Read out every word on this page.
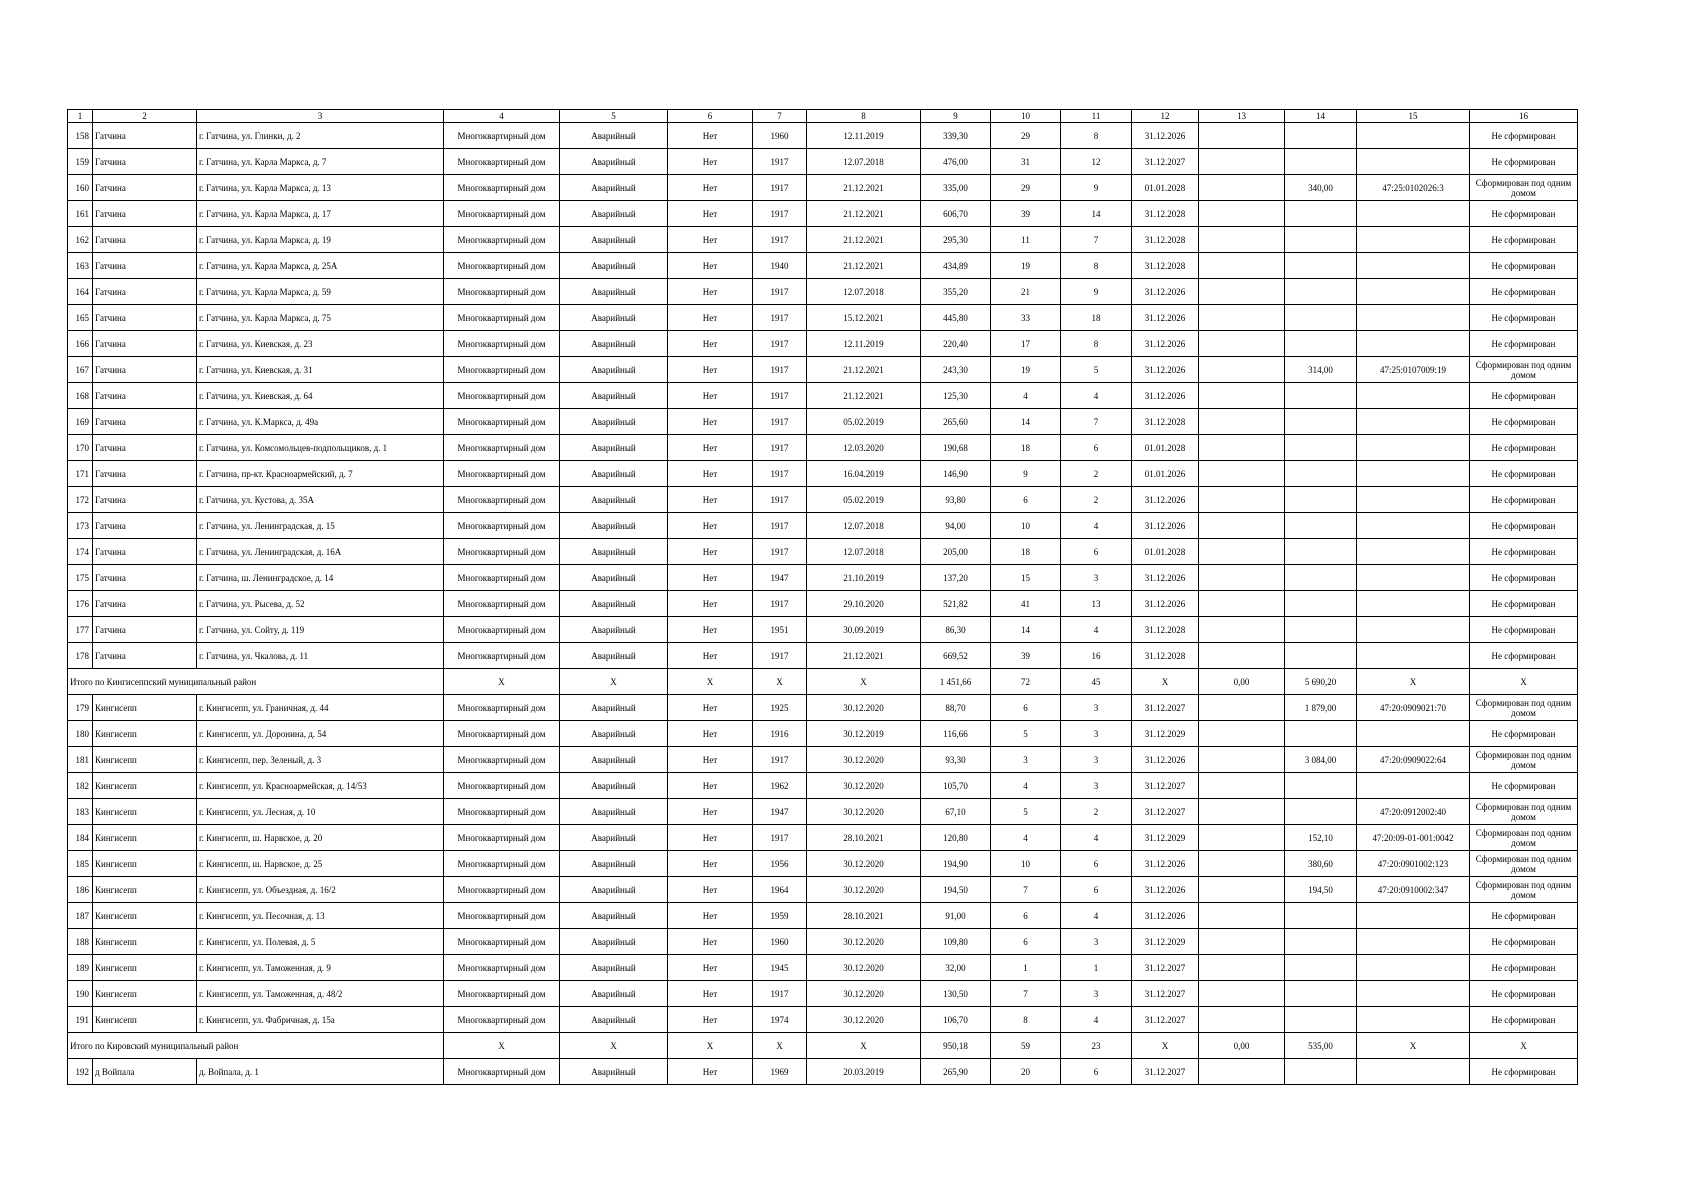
1	2	3	4	5	6	7	8	9	10	11	12	13	14	15	16
158	Гатчина	г. Гатчина, ул. Глинки, д. 2	Многоквартирный дом	Аварийный	Нет	1960	12.11.2019	339,30	29	8	31.12.2026				Не сформирован
159	Гатчина	г. Гатчина, ул. Карла Маркса, д. 7	Многоквартирный дом	Аварийный	Нет	1917	12.07.2018	476,00	31	12	31.12.2027				Не сформирован
160	Гатчина	г. Гатчина, ул. Карла Маркса, д. 13	Многоквартирный дом	Аварийный	Нет	1917	21.12.2021	335,00	29	9	01.01.2028		340,00	47:25:0102026:3	Сформирован под одним домом
161	Гатчина	г. Гатчина, ул. Карла Маркса, д. 17	Многоквартирный дом	Аварийный	Нет	1917	21.12.2021	606,70	39	14	31.12.2028				Не сформирован
162	Гатчина	г. Гатчина, ул. Карла Маркса, д. 19	Многоквартирный дом	Аварийный	Нет	1917	21.12.2021	295,30	11	7	31.12.2028				Не сформирован
163	Гатчина	г. Гатчина, ул. Карла Маркса, д. 25А	Многоквартирный дом	Аварийный	Нет	1940	21.12.2021	434,89	19	8	31.12.2028				Не сформирован
164	Гатчина	г. Гатчина, ул. Карла Маркса, д. 59	Многоквартирный дом	Аварийный	Нет	1917	12.07.2018	355,20	21	9	31.12.2026				Не сформирован
165	Гатчина	г. Гатчина, ул. Карла Маркса, д. 75	Многоквартирный дом	Аварийный	Нет	1917	15.12.2021	445,80	33	18	31.12.2026				Не сформирован
166	Гатчина	г. Гатчина, ул. Киевская, д. 23	Многоквартирный дом	Аварийный	Нет	1917	12.11.2019	220,40	17	8	31.12.2026				Не сформирован
167	Гатчина	г. Гатчина, ул. Киевская, д. 31	Многоквартирный дом	Аварийный	Нет	1917	21.12.2021	243,30	19	5	31.12.2026		314,00	47:25:0107009:19	Сформирован под одним домом
168	Гатчина	г. Гатчина, ул. Киевская, д. 64	Многоквартирный дом	Аварийный	Нет	1917	21.12.2021	125,30	4	4	31.12.2026				Не сформирован
169	Гатчина	г. Гатчина, ул. К.Маркса, д. 49а	Многоквартирный дом	Аварийный	Нет	1917	05.02.2019	265,60	14	7	31.12.2028				Не сформирован
170	Гатчина	г. Гатчина, ул. Комсомольцев-подпольщиков, д. 1	Многоквартирный дом	Аварийный	Нет	1917	12.03.2020	190,68	18	6	01.01.2028				Не сформирован
171	Гатчина	г. Гатчина, пр-кт. Красноармейский, д. 7	Многоквартирный дом	Аварийный	Нет	1917	16.04.2019	146,90	9	2	01.01.2026				Не сформирован
172	Гатчина	г. Гатчина, ул. Кустова, д. 35А	Многоквартирный дом	Аварийный	Нет	1917	05.02.2019	93,80	6	2	31.12.2026				Не сформирован
173	Гатчина	г. Гатчина, ул. Ленинградская, д. 15	Многоквартирный дом	Аварийный	Нет	1917	12.07.2018	94,00	10	4	31.12.2026				Не сформирован
174	Гатчина	г. Гатчина, ул. Ленинградская, д. 16А	Многоквартирный дом	Аварийный	Нет	1917	12.07.2018	205,00	18	6	01.01.2028				Не сформирован
175	Гатчина	г. Гатчина, ш. Ленинградское, д. 14	Многоквартирный дом	Аварийный	Нет	1947	21.10.2019	137,20	15	3	31.12.2026				Не сформирован
176	Гатчина	г. Гатчина, ул. Рысева, д. 52	Многоквартирный дом	Аварийный	Нет	1917	29.10.2020	521,82	41	13	31.12.2026				Не сформирован
177	Гатчина	г. Гатчина, ул. Сойту, д. 119	Многоквартирный дом	Аварийный	Нет	1951	30.09.2019	86,30	14	4	31.12.2028				Не сформирован
178	Гатчина	г. Гатчина, ул. Чкалова, д. 11	Многоквартирный дом	Аварийный	Нет	1917	21.12.2021	669,52	39	16	31.12.2028				Не сформирован
Итого по Кингисеппский муниципальный район			Х	Х	Х	Х	Х	1 451,66	72	45	Х	0,00	5 690,20	Х	Х
179	Кингисепп	г. Кингисепп, ул. Граничная, д. 44	Многоквартирный дом	Аварийный	Нет	1925	30.12.2020	88,70	6	3	31.12.2027		1 879,00	47:20:0909021:70	Сформирован под одним домом
180	Кингисепп	г. Кингисепп, ул. Доронина, д. 54	Многоквартирный дом	Аварийный	Нет	1916	30.12.2019	116,66	5	3	31.12.2029				Не сформирован
181	Кингисепп	г. Кингисепп, пер. Зеленый, д. 3	Многоквартирный дом	Аварийный	Нет	1917	30.12.2020	93,30	3	3	31.12.2026		3 084,00	47:20:0909022:64	Сформирован под одним домом
182	Кингисепп	г. Кингисепп, ул. Красноармейская, д. 14/53	Многоквартирный дом	Аварийный	Нет	1962	30.12.2020	105,70	4	3	31.12.2027				Не сформирован
183	Кингисепп	г. Кингисепп, ул. Лесная, д. 10	Многоквартирный дом	Аварийный	Нет	1947	30.12.2020	67,10	5	2	31.12.2027			47:20:0912002:40	Сформирован под одним домом
184	Кингисепп	г. Кингисепп, ш. Нарвское, д. 20	Многоквартирный дом	Аварийный	Нет	1917	28.10.2021	120,80	4	4	31.12.2029		152,10	47:20:09-01-001:0042	Сформирован под одним домом
185	Кингисепп	г. Кингисепп, ш. Нарвское, д. 25	Многоквартирный дом	Аварийный	Нет	1956	30.12.2020	194,90	10	6	31.12.2026		380,60	47:20:0901002:123	Сформирован под одним домом
186	Кингисепп	г. Кингисепп, ул. Объездная, д. 16/2	Многоквартирный дом	Аварийный	Нет	1964	30.12.2020	194,50	7	6	31.12.2026		194,50	47:20:0910002:347	Сформирован под одним домом
187	Кингисепп	г. Кингисепп, ул. Песочная, д. 13	Многоквартирный дом	Аварийный	Нет	1959	28.10.2021	91,00	6	4	31.12.2026				Не сформирован
188	Кингисепп	г. Кингисепп, ул. Полевая, д. 5	Многоквартирный дом	Аварийный	Нет	1960	30.12.2020	109,80	6	3	31.12.2029				Не сформирован
189	Кингисепп	г. Кингисепп, ул. Таможенная, д. 9	Многоквартирный дом	Аварийный	Нет	1945	30.12.2020	32,00	1	1	31.12.2027				Не сформирован
190	Кингисепп	г. Кингисепп, ул. Таможенная, д. 48/2	Многоквартирный дом	Аварийный	Нет	1917	30.12.2020	130,50	7	3	31.12.2027				Не сформирован
191	Кингисепп	г. Кингисепп, ул. Фабричная, д. 15а	Многоквартирный дом	Аварийный	Нет	1974	30.12.2020	106,70	8	4	31.12.2027				Не сформирован
Итого по Кировский муниципальный район			Х	Х	Х	Х	Х	950,18	59	23	Х	0,00	535,00	Х	Х
192	д Войпала	д. Войпала, д. 1	Многоквартирный дом	Аварийный	Нет	1969	20.03.2019	265,90	20	6	31.12.2027				Не сформирован
